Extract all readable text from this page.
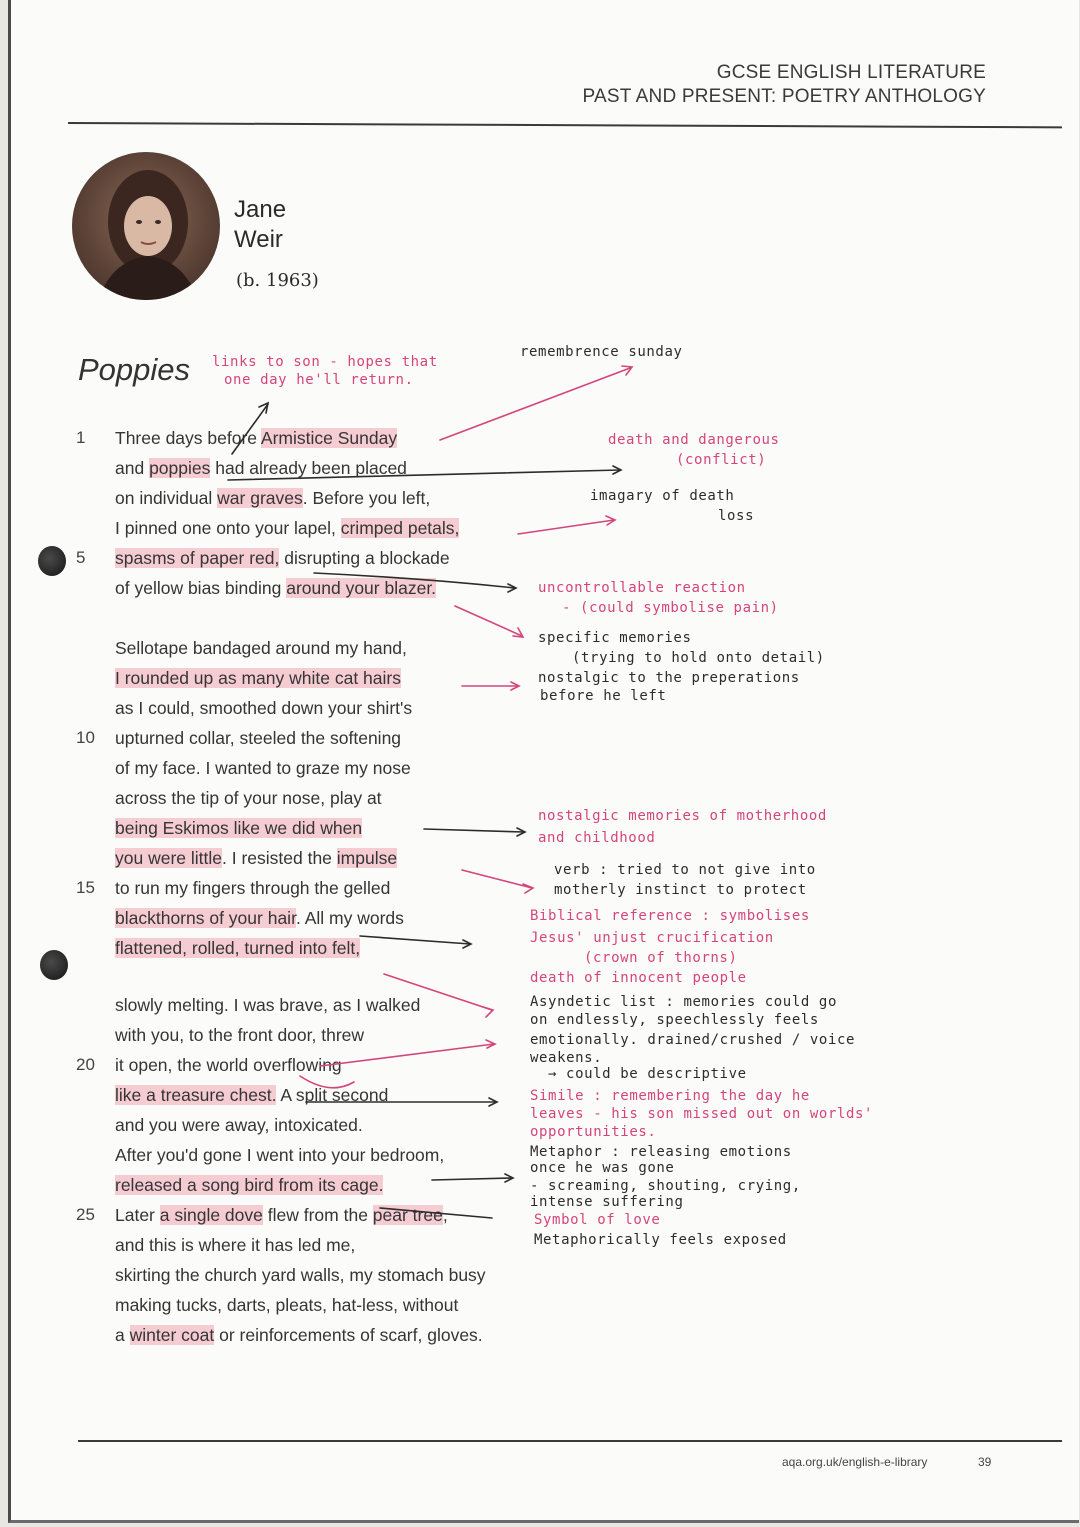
GCSE ENGLISH LITERATURE
PAST AND PRESENT: POETRY ANTHOLOGY
Jane
Weir
(b. 1963)
Poppies
Three days before Armistice Sunday
and poppies had already been placed
on individual war graves. Before you left,
I pinned one onto your lapel, crimped petals,
spasms of paper red, disrupting a blockade
of yellow bias binding around your blazer.
Sellotape bandaged around my hand,
I rounded up as many white cat hairs
as I could, smoothed down your shirt's
upturned collar, steeled the softening
of my face. I wanted to graze my nose
across the tip of your nose, play at
being Eskimos like we did when
you were little. I resisted the impulse
to run my fingers through the gelled
blackthorns of your hair. All my words
flattened, rolled, turned into felt,
slowly melting. I was brave, as I walked
with you, to the front door, threw
it open, the world overflowing
like a treasure chest. A split second
and you were away, intoxicated.
After you'd gone I went into your bedroom,
released a song bird from its cage.
Later a single dove flew from the pear tree,
and this is where it has led me,
skirting the church yard walls, my stomach busy
making tucks, darts, pleats, hat-less, without
a winter coat or reinforcements of scarf, gloves.
1
5
10
15
20
25
links to son - hopes that
one day he'll return.
remembrence sunday
death and dangerous
(conflict)
imagary of death
loss
uncontrollable reaction
- (could symbolise pain)
specific memories
(trying to hold onto detail)
nostalgic to the preperations
before he left
nostalgic memories of motherhood
and childhood
verb : tried to not give into
motherly instinct to protect
Biblical reference : symbolises
Jesus' unjust crucification
(crown of thorns)
death of innocent people
Asyndetic list : memories could go
on endlessly, speechlessly feels
emotionally. drained/crushed / voice
weakens.
→ could be descriptive
Simile : remembering the day he
leaves - his son missed out on worlds'
opportunities.
Metaphor : releasing emotions
once he was gone
- screaming, shouting, crying,
intense suffering
Symbol of love
Metaphorically feels exposed
aqa.org.uk/english-e-library	39
